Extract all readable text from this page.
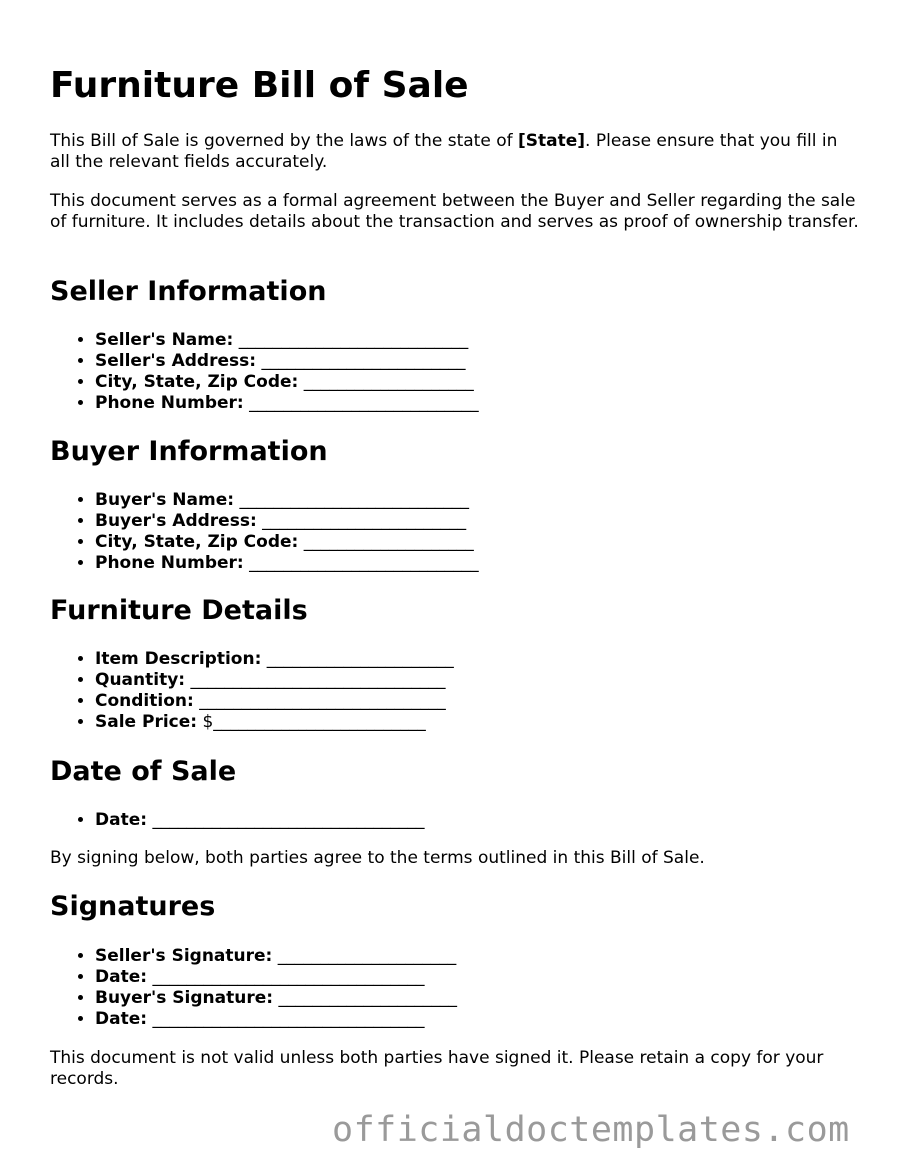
Furniture Bill of Sale

This Bill of Sale is governed by the laws of the state of [State]. Please ensure that you fill in all the relevant fields accurately.

This document serves as a formal agreement between the Buyer and Seller regarding the sale of furniture. It includes details about the transaction and serves as proof of ownership transfer.

Seller Information
• Seller's Name: ___________________________
• Seller's Address: ________________________
• City, State, Zip Code: ____________________
• Phone Number: ___________________________
Buyer Information
• Buyer's Name: ___________________________
• Buyer's Address: ________________________
• City, State, Zip Code: ____________________
• Phone Number: ___________________________
Furniture Details
• Item Description: ______________________
• Quantity: ______________________________
• Condition: _____________________________
• Sale Price: $_________________________
Date of Sale
• Date: ________________________________

By signing below, both parties agree to the terms outlined in this Bill of Sale.

Signatures
• Seller's Signature: _____________________
• Date: ________________________________
• Buyer's Signature: _____________________
• Date: ________________________________

This document is not valid unless both parties have signed it. Please retain a copy for your records.

officialdoctemplates.com
